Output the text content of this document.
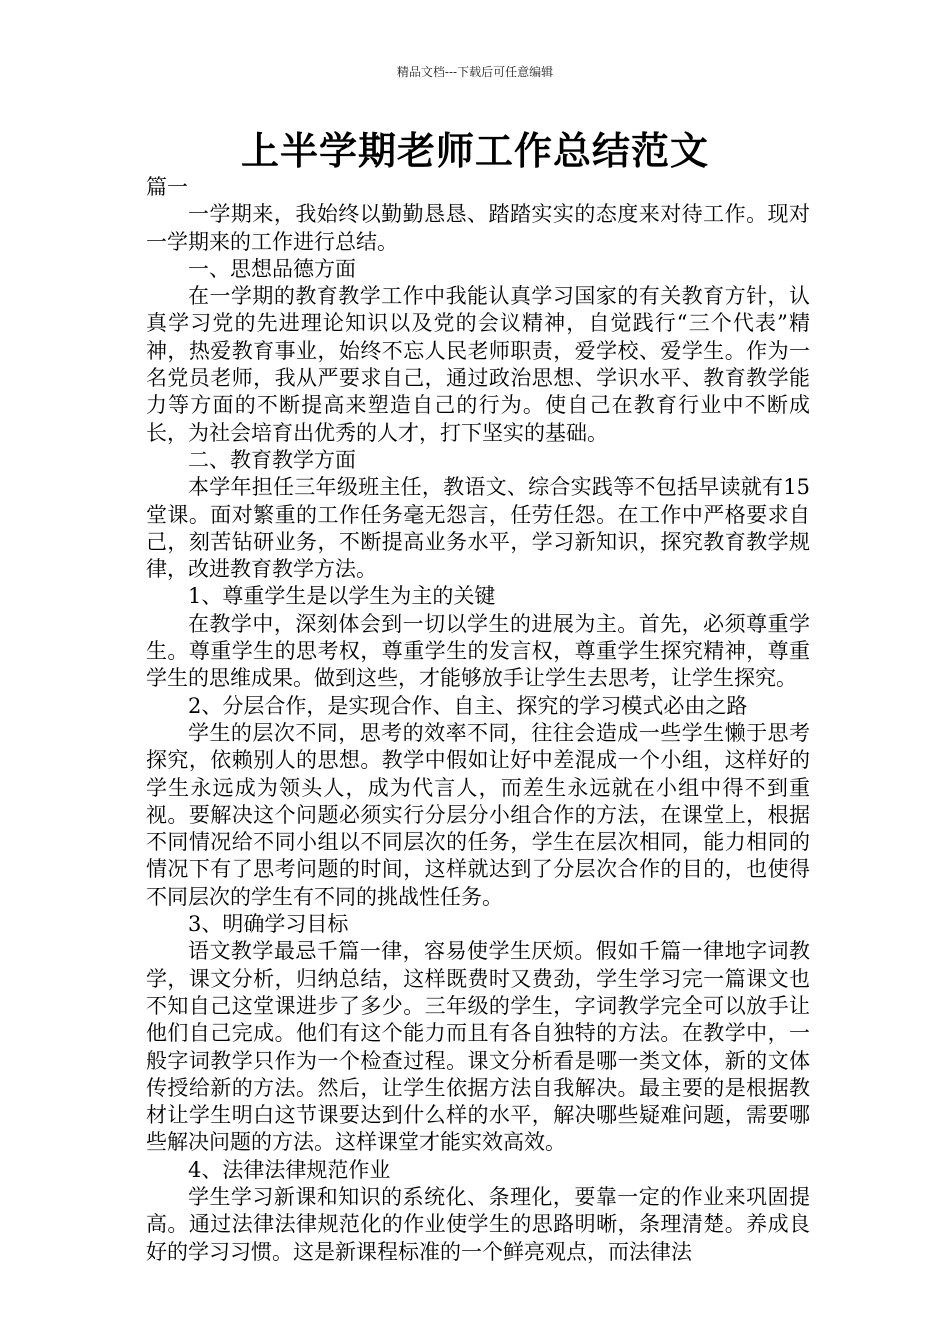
精品文档---下载后可任意编辑
上半学期老师工作总结范文

篇一

一学期来，我始终以勤勤恳恳、踏踏实实的态度来对待工作。现对一学期来的工作进行总结。

一、思想品德方面

在一学期的教育教学工作中我能认真学习国家的有关教育方针，认真学习党的先进理论知识以及党的会议精神，自觉践行“三个代表”精神，热爱教育事业，始终不忘人民老师职责，爱学校、爱学生。作为一名党员老师，我从严要求自己，通过政治思想、学识水平、教育教学能力等方面的不断提高来塑造自己的行为。使自己在教育行业中不断成长，为社会培育出优秀的人才，打下坚实的基础。

二、教育教学方面

本学年担任三年级班主任，教语文、综合实践等不包括早读就有15堂课。面对繁重的工作任务毫无怨言，任劳任怨。在工作中严格要求自己，刻苦钻研业务，不断提高业务水平，学习新知识，探究教育教学规律，改进教育教学方法。

1、尊重学生是以学生为主的关键

在教学中，深刻体会到一切以学生的进展为主。首先，必须尊重学生。尊重学生的思考权，尊重学生的发言权，尊重学生探究精神，尊重学生的思维成果。做到这些，才能够放手让学生去思考，让学生探究。

2、分层合作，是实现合作、自主、探究的学习模式必由之路

学生的层次不同，思考的效率不同，往往会造成一些学生懒于思考探究，依赖别人的思想。教学中假如让好中差混成一个小组，这样好的学生永远成为领头人，成为代言人，而差生永远就在小组中得不到重视。要解决这个问题必须实行分层分小组合作的方法，在课堂上，根据不同情况给不同小组以不同层次的任务，学生在层次相同，能力相同的情况下有了思考问题的时间，这样就达到了分层次合作的目的，也使得不同层次的学生有不同的挑战性任务。

3、明确学习目标

语文教学最忌千篇一律，容易使学生厌烦。假如千篇一律地字词教学，课文分析，归纳总结，这样既费时又费劲，学生学习完一篇课文也不知自己这堂课进步了多少。三年级的学生，字词教学完全可以放手让他们自己完成。他们有这个能力而且有各自独特的方法。在教学中，一般字词教学只作为一个检查过程。课文分析看是哪一类文体，新的文体传授给新的方法。然后，让学生依据方法自我解决。最主要的是根据教材让学生明白这节课要达到什么样的水平，解决哪些疑难问题，需要哪些解决问题的方法。这样课堂才能实效高效。

4、法律法律规范作业

学生学习新课和知识的系统化、条理化，要靠一定的作业来巩固提高。通过法律法律规范化的作业使学生的思路明晰，条理清楚。养成良好的学习习惯。这是新课程标准的一个鲜亮观点，而法律法
